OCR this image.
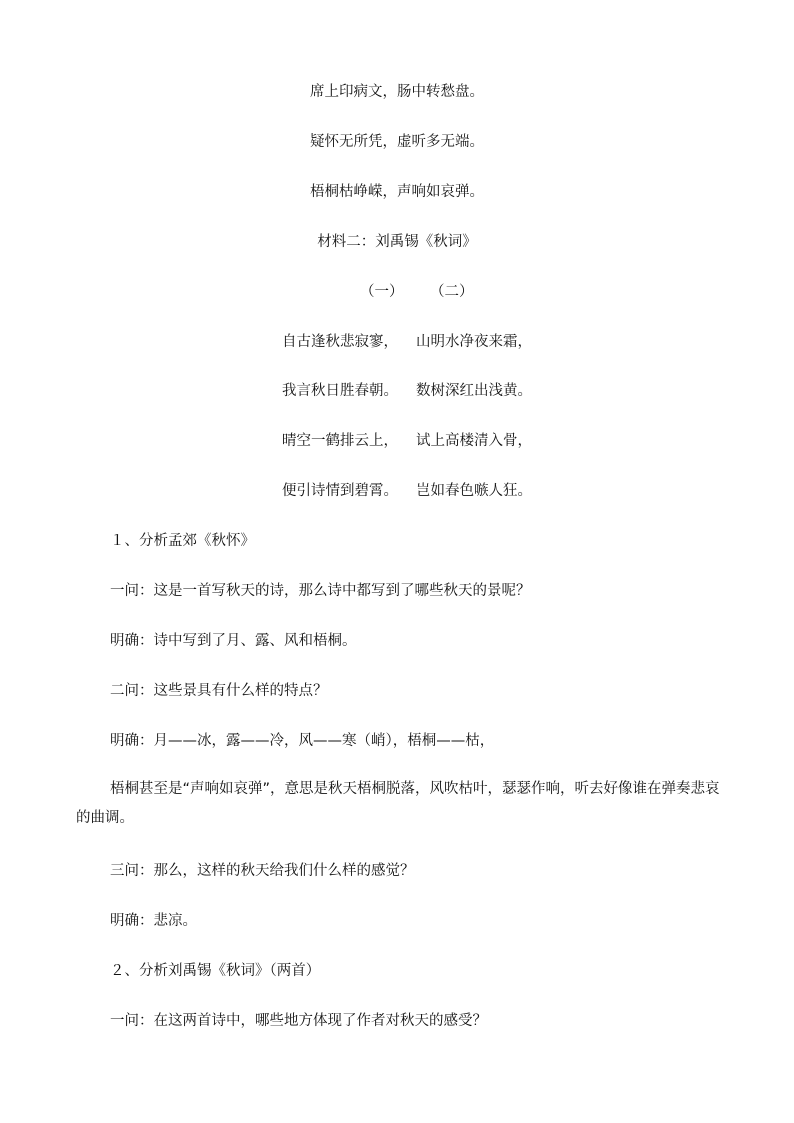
席上印病文，肠中转愁盘。
疑怀无所凭，虚听多无端。
梧桐枯峥嵘，声响如哀弹。
材料二：刘禹锡《秋词》
（一） （二）
自古逢秋悲寂寥， 山明水净夜来霜，
我言秋日胜春朝。 数树深红出浅黄。
晴空一鹤排云上， 试上高楼清入骨，
便引诗情到碧霄。 岂如春色嗾人狂。
１、分析孟郊《秋怀》
一问：这是一首写秋天的诗，那么诗中都写到了哪些秋天的景呢？
明确：诗中写到了月、露、风和梧桐。
二问：这些景具有什么样的特点？
明确：月——冰，露——冷，风——寒（峭），梧桐——枯，
梧桐甚至是“声响如哀弹”，意思是秋天梧桐脱落，风吹枯叶，瑟瑟作响，听去好像谁在弹奏悲哀的曲调。
三问：那么，这样的秋天给我们什么样的感觉？
明确：悲凉。
２、分析刘禹锡《秋词》（两首）
一问：在这两首诗中，哪些地方体现了作者对秋天的感受？
